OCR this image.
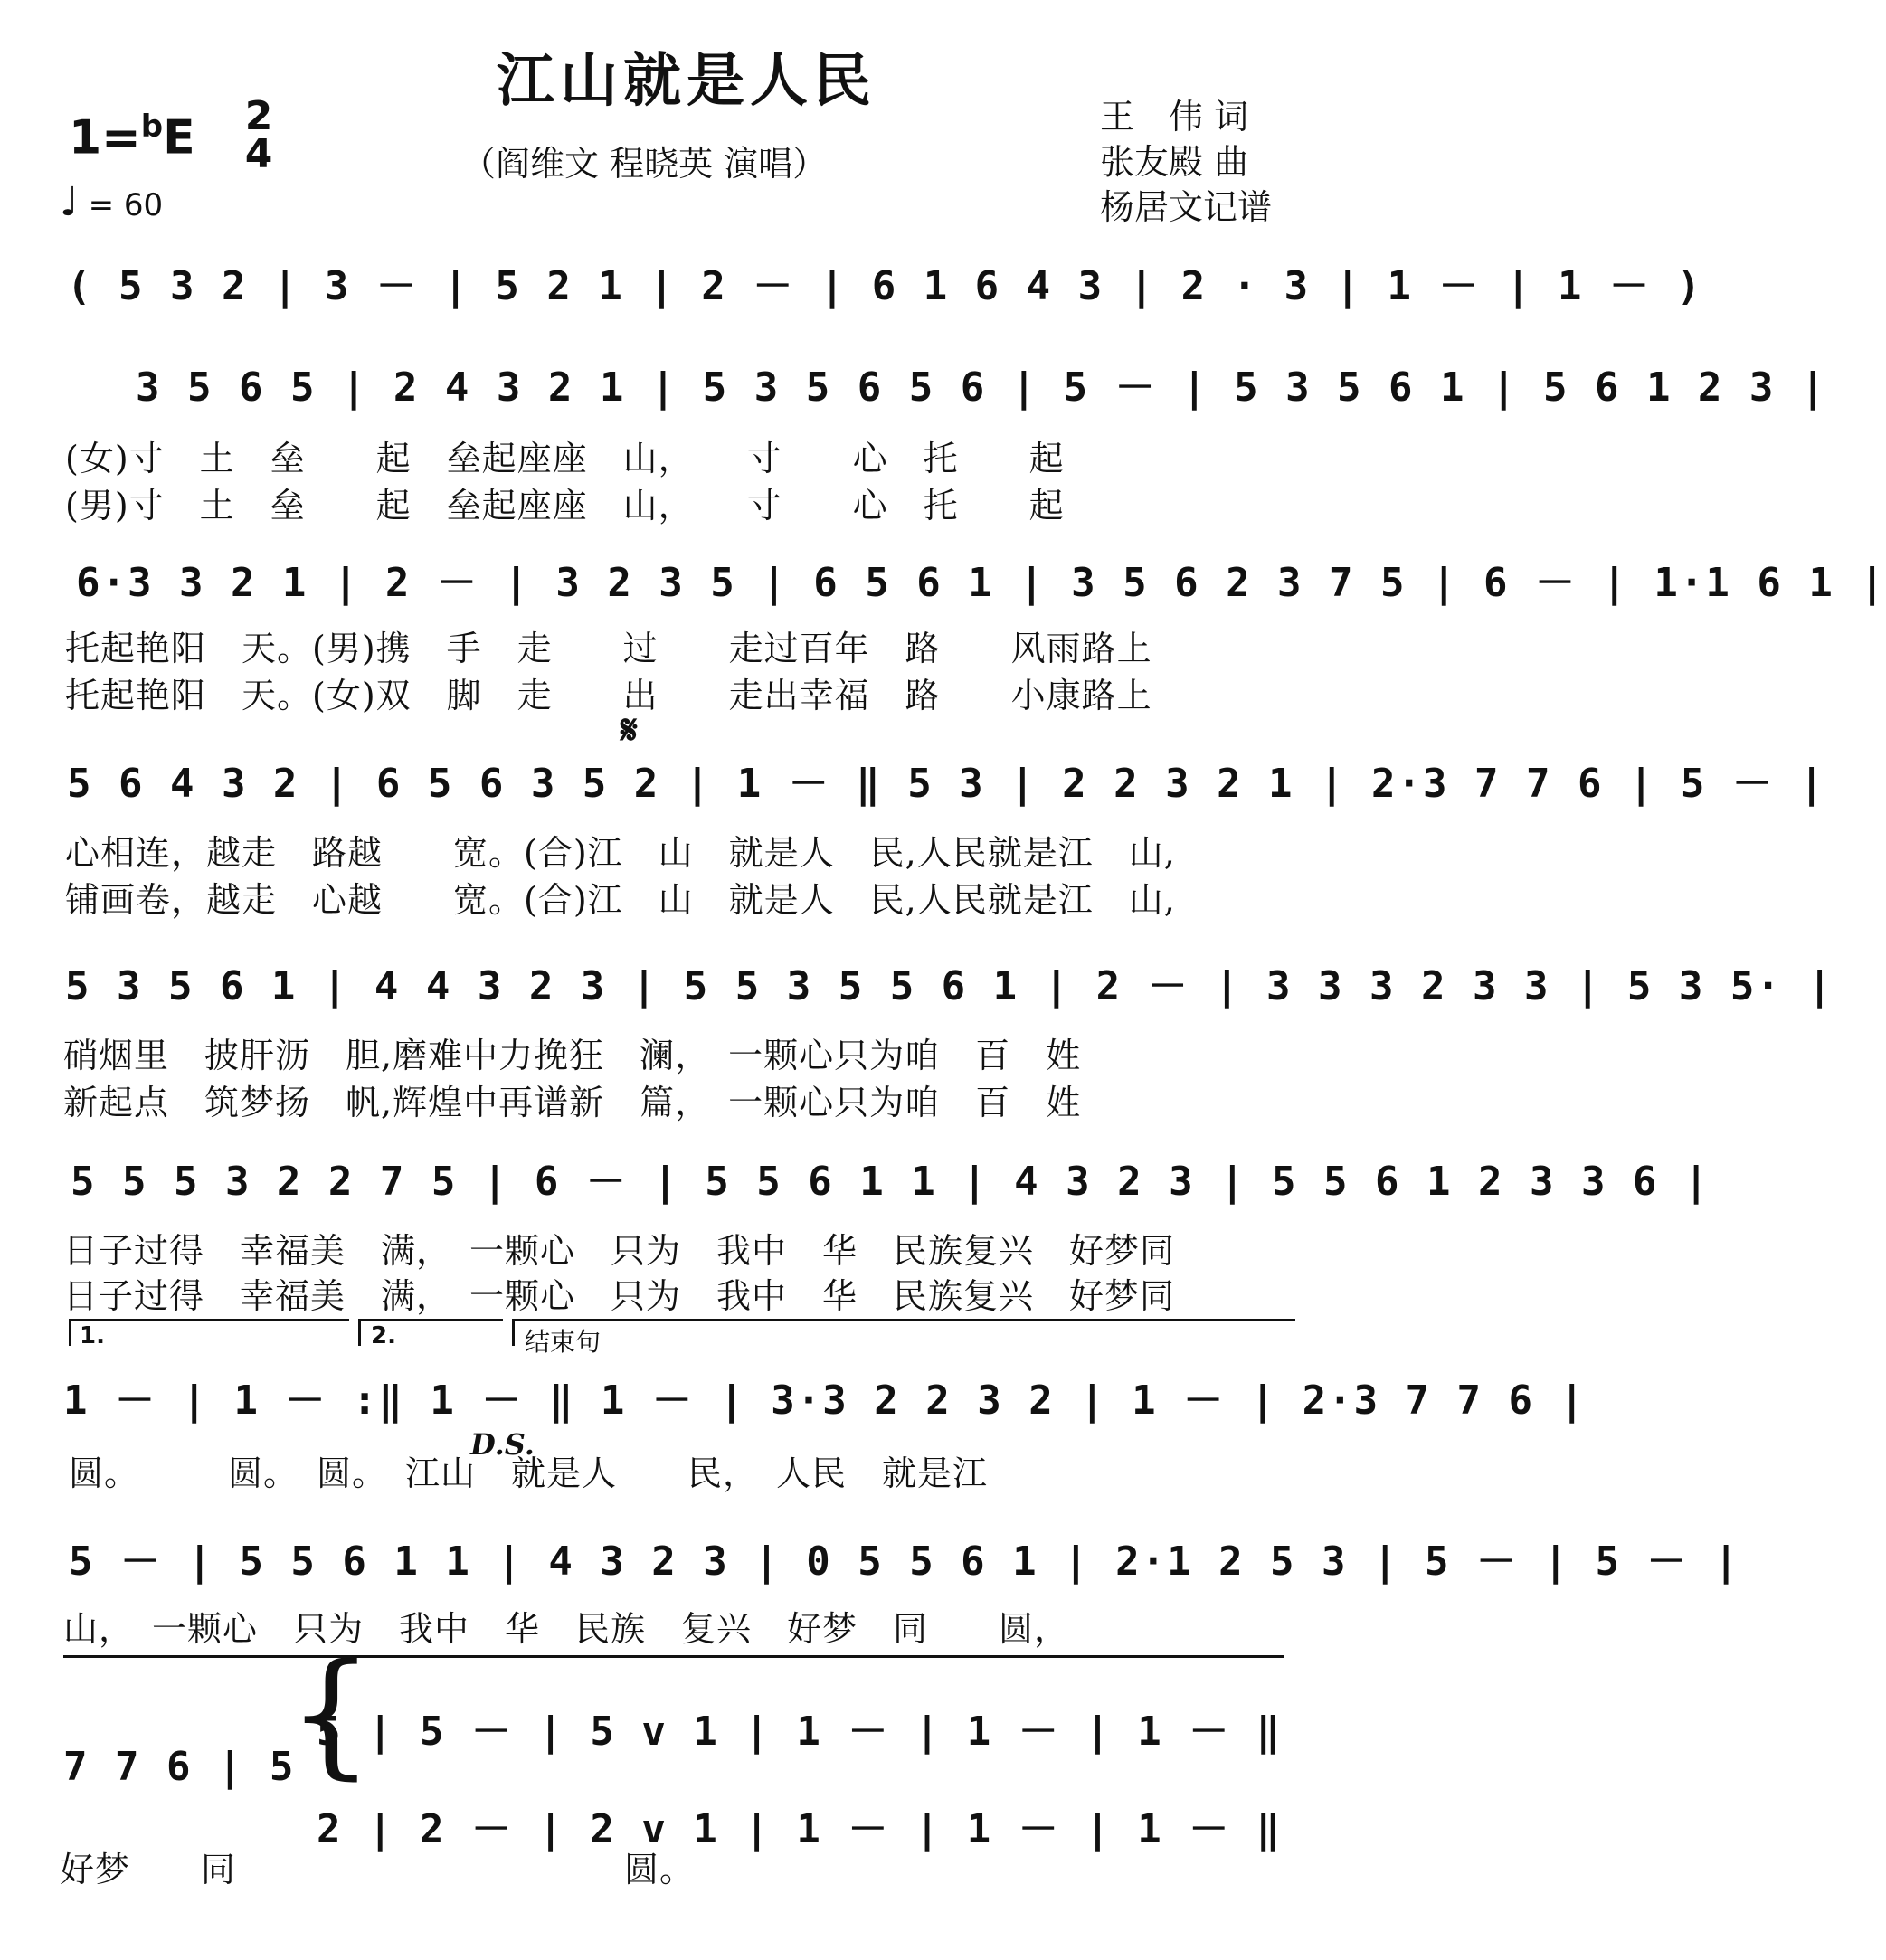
江山就是人民
1=$^b$E 2
4
♩ = 60
（阎维文 程晓英 演唱）
王　伟 词
张友殿 曲
杨居文记谱
( 5 3 2 | 3 － | 5 2 1 | 2 － | 6 1 6 4 3 | 2 · 3 | 1 － | 1 － )
3 5 6 5 | 2 4 3 2 1 | 5 3 5 6 5 6 | 5 － | 5 3 5 6 1 | 5 6 1 2 3 |
(女)寸　土　垒　　起　垒起座座　山，　　寸　　心　托　　起
(男)寸　土　垒　　起　垒起座座　山，　　寸　　心　托　　起
6·3 3 2 1 | 2 － | 3 2 3 5 | 6 5 6 1 | 3 5 6 2 3 7 5 | 6 － | 1·1 6 1 |
托起艳阳　天。(男)携　手　走　　过　　走过百年　路　　风雨路上
托起艳阳　天。(女)双　脚　走　　出　　走出幸福　路　　小康路上
𝄋
5 6 4 3 2 | 6 5 6 3 5 2 | 1 － ‖ 5 3 | 2 2 3 2 1 | 2·3 7 7 6 | 5 － |
心相连，越走　路越　　宽。(合)江　山　就是人　民,人民就是江　山,
铺画卷，越走　心越　　宽。(合)江　山　就是人　民,人民就是江　山,
5 3 5 6 1 | 4 4 3 2 3 | 5 5 3 5 5 6 1 | 2 － | 3 3 3 2 3 3 | 5 3 5· |
硝烟里　披肝沥　胆,磨难中力挽狂　澜，　一颗心只为咱　百　姓
新起点　筑梦扬　帆,辉煌中再谱新　篇，　一颗心只为咱　百　姓
5 5 5 3 2 2 7 5 | 6 － | 5 5 6 1 1 | 4 3 2 3 | 5 5 6 1 2 3 3 6 |
日子过得　幸福美　满，　一颗心　只为　我中　华　民族复兴　好梦同
日子过得　幸福美　满，　一颗心　只为　我中　华　民族复兴　好梦同
1.	2.	结束句
1 － | 1 － :‖ 1 － ‖ 1 － | 3·3 2 2 3 2 | 1 － | 2·3 7 7 6 |
D.S.
圆。　　　圆。　圆。　江山　就是人　　民，　人民　就是江
5 － | 5 5 6 1 1 | 4 3 2 3 | 0 5 5 6 1 | 2·1 2 5 3 | 5 － | 5 － |
山，　一颗心　只为　我中　华　民族　复兴　好梦　同　　圆，
7 7 6 | 5
{
5 | 5 － | 5 v 1 | 1 － | 1 － | 1 － ‖
2 | 2 － | 2 v 1 | 1 － | 1 － | 1 － ‖
好梦　　同　　　　　　　　　　　圆。
